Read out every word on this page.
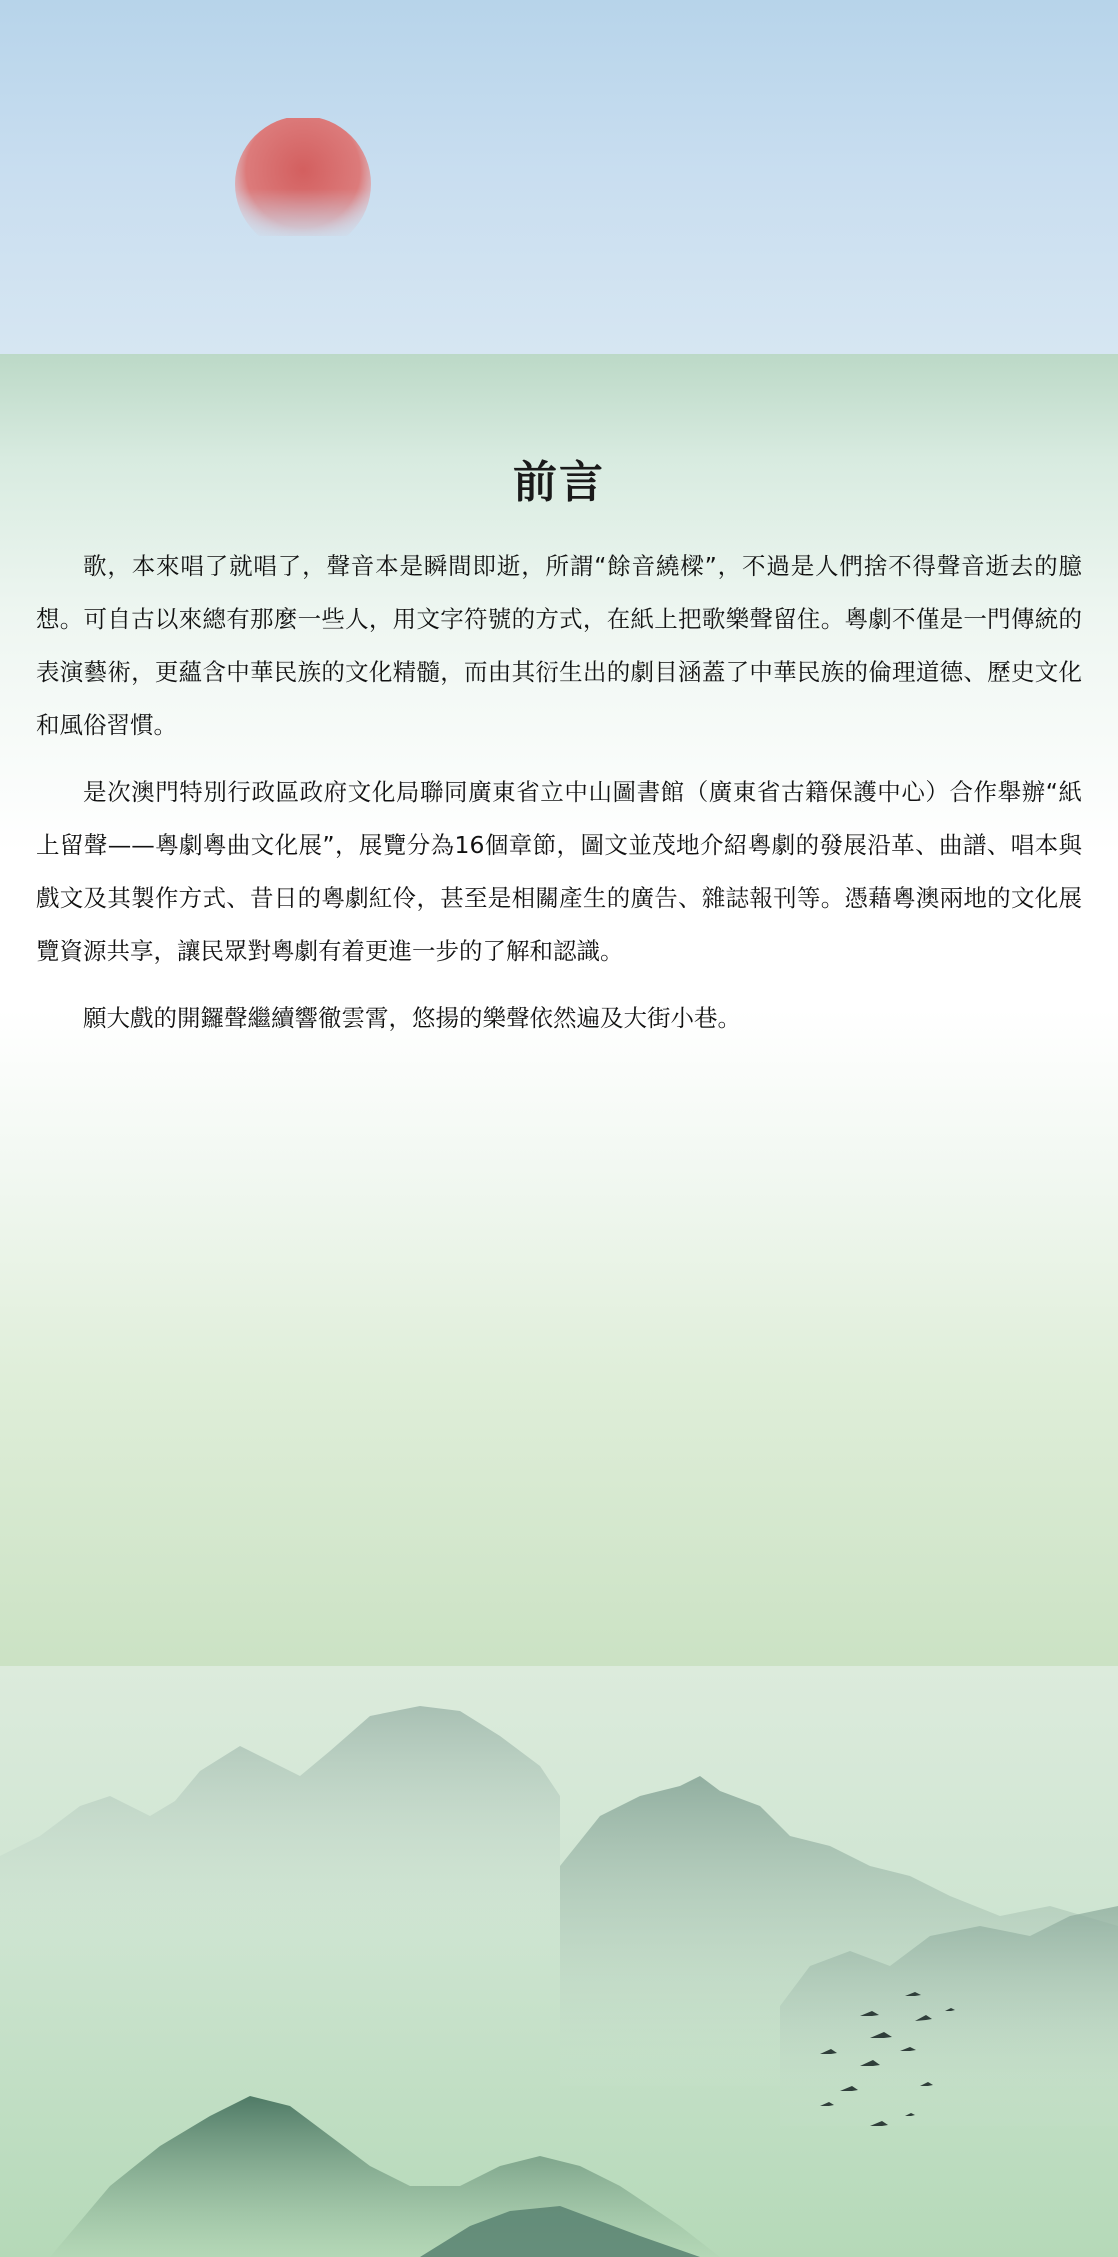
前言

歌，本來唱了就唱了，聲音本是瞬間即逝，所謂“餘音繞樑”，不過是人們捨不得聲音逝去的臆想。可自古以來總有那麼一些人，用文字符號的方式，在紙上把歌樂聲留住。粵劇不僅是一門傳統的表演藝術，更蘊含中華民族的文化精髓，而由其衍生出的劇目涵蓋了中華民族的倫理道德、歷史文化和風俗習慣。

是次澳門特別行政區政府文化局聯同廣東省立中山圖書館（廣東省古籍保護中心）合作舉辦“紙上留聲——粵劇粵曲文化展”，展覽分為16個章節，圖文並茂地介紹粵劇的發展沿革、曲譜、唱本與戲文及其製作方式、昔日的粵劇紅伶，甚至是相關產生的廣告、雜誌報刊等。憑藉粵澳兩地的文化展覽資源共享，讓民眾對粵劇有着更進一步的了解和認識。

願大戲的開鑼聲繼續響徹雲霄，悠揚的樂聲依然遍及大街小巷。
